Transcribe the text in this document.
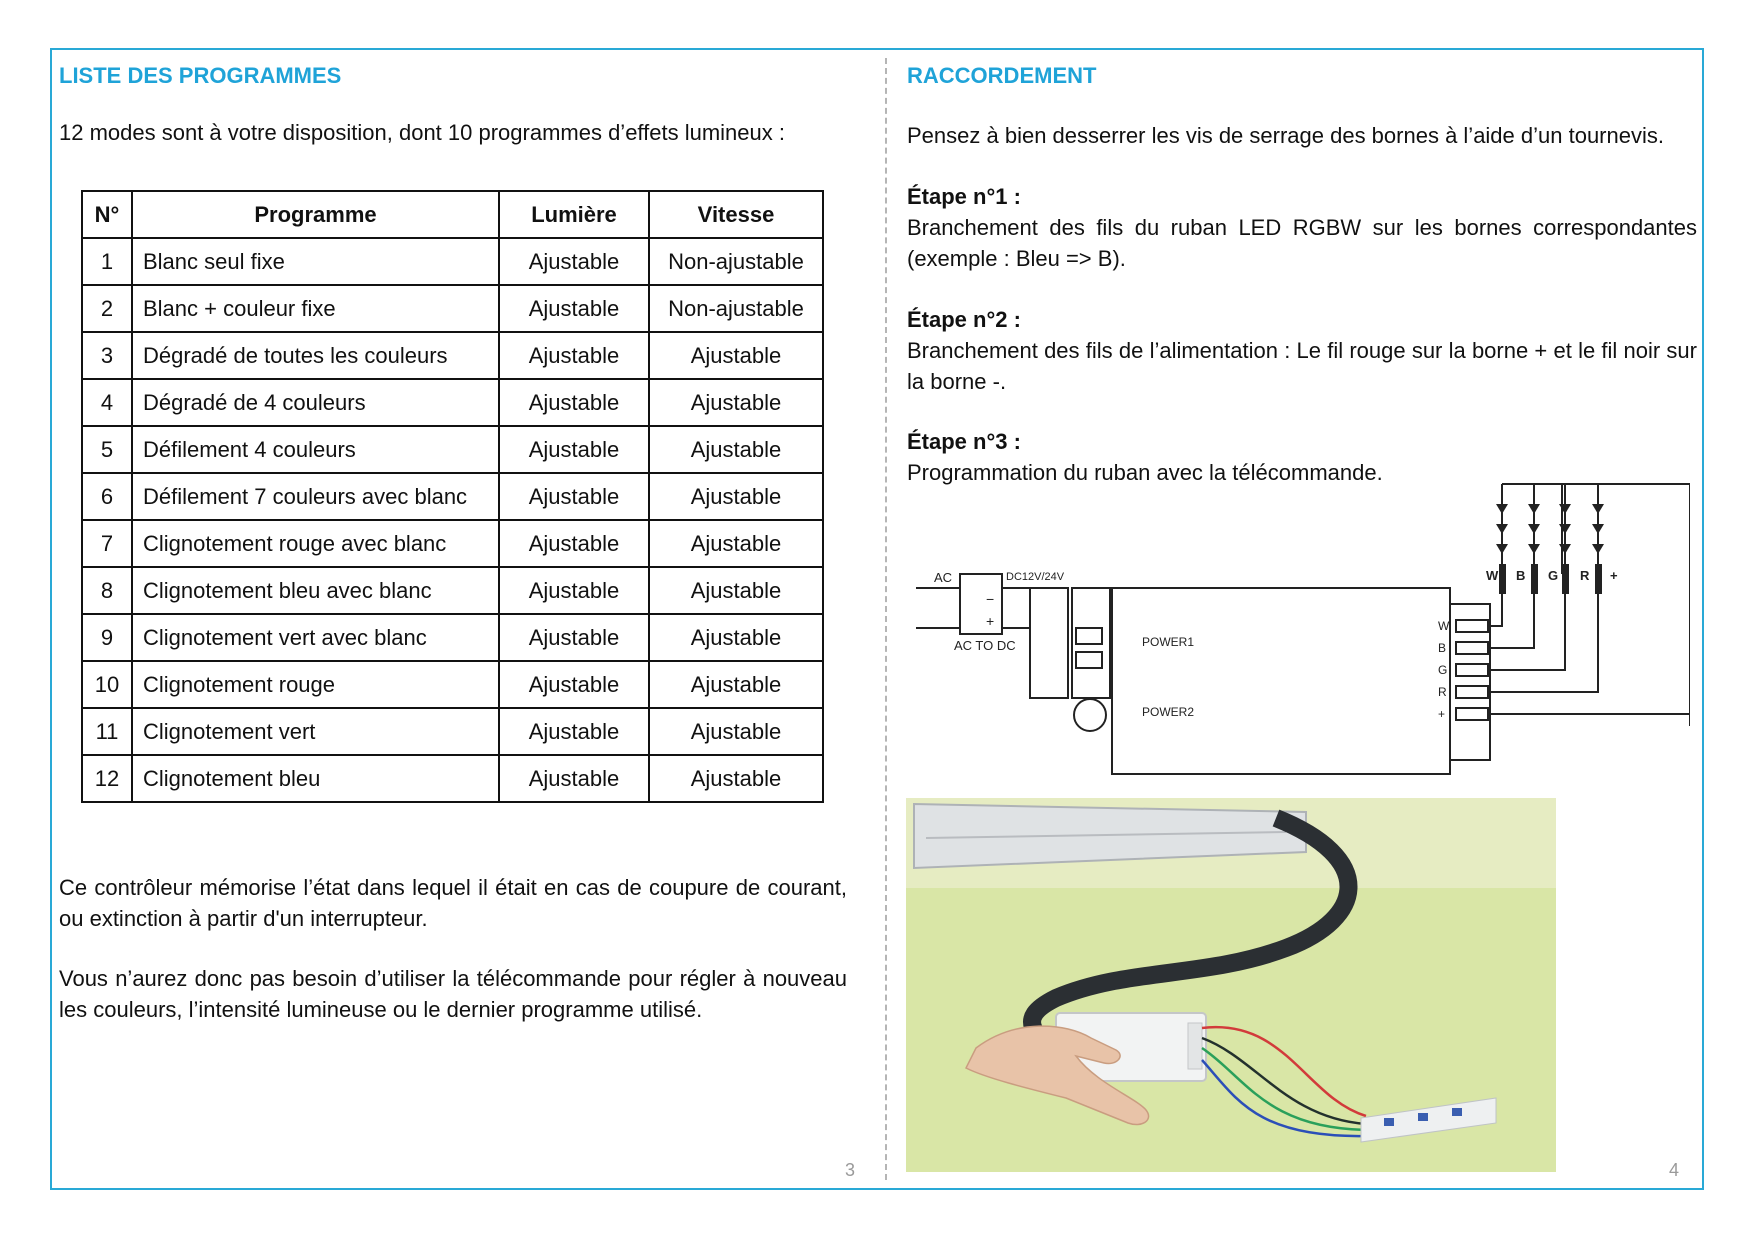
LISTE DES PROGRAMMES
12 modes sont à votre disposition, dont 10 programmes d’effets lumineux :
N°	Programme	Lumière	Vitesse
1	Blanc seul fixe	Ajustable	Non-ajustable
2	Blanc + couleur fixe	Ajustable	Non-ajustable
3	Dégradé de toutes les couleurs	Ajustable	Ajustable
4	Dégradé de 4 couleurs	Ajustable	Ajustable
5	Défilement 4 couleurs	Ajustable	Ajustable
6	Défilement 7 couleurs avec blanc	Ajustable	Ajustable
7	Clignotement rouge avec blanc	Ajustable	Ajustable
8	Clignotement bleu avec blanc	Ajustable	Ajustable
9	Clignotement vert avec blanc	Ajustable	Ajustable
10	Clignotement rouge	Ajustable	Ajustable
11	Clignotement vert	Ajustable	Ajustable
12	Clignotement bleu	Ajustable	Ajustable
Ce contrôleur mémorise l’état dans lequel il était en cas de coupure de courant, ou extinction à partir d'un interrupteur.
Vous n’aurez donc pas besoin d’utiliser la télécommande pour régler à nouveau les couleurs, l’intensité lumineuse ou le dernier programme utilisé.
3
RACCORDEMENT
Pensez à bien desserrer les vis de serrage des bornes à l’aide d’un tournevis.
Étape n°1 :
Branchement des fils du ruban LED RGBW sur les bornes correspondantes (exemple : Bleu => B).
Étape n°2 :
Branchement des fils de l’alimentation : Le fil rouge sur la borne + et le fil noir sur la borne -.
Étape n°3 :
Programmation du ruban avec la télécommande.
W B G R +
POWER1
POWER2
W B G R +
AC	DC12V/24V
−
+
AC TO DC
4
